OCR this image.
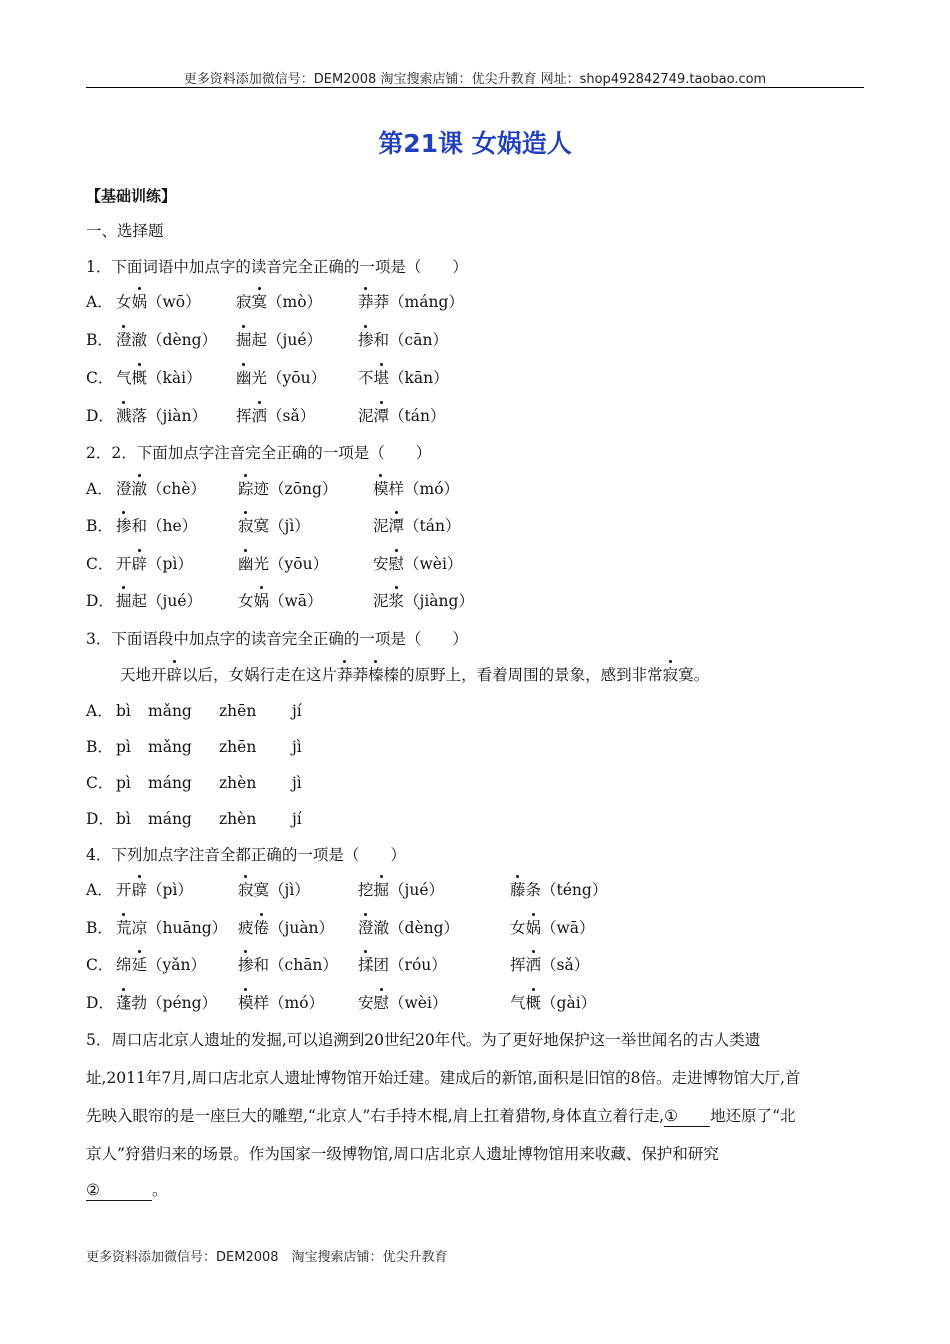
更多资料添加微信号：DEM2008 淘宝搜索店铺：优尖升教育 网址：shop492842749.taobao.com
第21课 女娲造人
【基础训练】
一、选择题
1．下面词语中加点字的读音完全正确的一项是（　　）
A． 女娲（wō） 寂寞（mò） 莽莽（máng）
B． 澄澈（dèng） 掘起（jué） 掺和（cān）
C． 气概（kài） 幽光（yōu） 不堪（kān）
D． 溅落（jiàn） 挥洒（sǎ）	泥潭（tán）
2．2．下面加点字注音完全正确的一项是（　　）
A． 澄澈（chè） 踪迹（zōng） 模样（mó）
B． 掺和（he）	寂寞（jì）	泥潭（tán）
C． 开辟（pì）	幽光（yōu）	安慰（wèi）
D． 掘起（jué） 女娲（wā）	泥浆（jiàng）
3．下面语段中加点字的读音完全正确的一项是（　　）
天地开辟以后，女娲行走在这片莽莽榛榛的原野上，看着周围的景象，感到非常寂寞。
A． bì mǎng zhēn jí
B． pì mǎng zhēn jì
C． pì máng zhèn jì
D． bì máng zhèn jí
4．下列加点字注音全都正确的一项是（　　）
A． 开辟（pì）	寂寞（jì）	挖掘（jué）	藤条（téng）
B． 荒凉（huāng） 疲倦（juàn） 澄澈（dèng）	女娲（wā）
C． 绵延（yǎn） 掺和（chān） 揉团（róu）	挥洒（sǎ）
D． 蓬勃（péng） 模样（mó） 安慰（wèi）	气概（gài）
5．周口店北京人遗址的发掘,可以追溯到20世纪20年代。为了更好地保护这一举世闻名的古人类遗
址,2011年7月,周口店北京人遗址博物馆开始迁建。建成后的新馆,面积是旧馆的8倍。走进博物馆大厅,首
先映入眼帘的是一座巨大的雕塑,“北京人”右手持木棍,肩上扛着猎物,身体直立着行走,① 地还原了“北
京人”狩猎归来的场景。作为国家一级博物馆,周口店北京人遗址博物馆用来收藏、保护和研究
②	。
更多资料添加微信号：DEM2008　淘宝搜索店铺：优尖升教育
